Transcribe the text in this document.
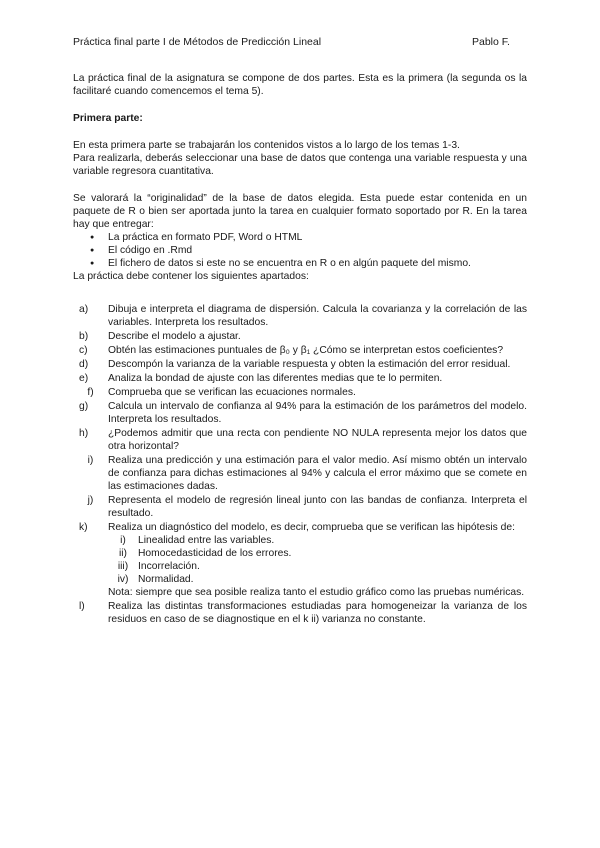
Práctica final parte I de Métodos de Predicción Lineal	Pablo F.

La práctica final de la asignatura se compone de dos partes. Esta es la primera (la segunda os la facilitaré cuando comencemos el tema 5).

Primera parte:

En esta primera parte se trabajarán los contenidos vistos a lo largo de los temas 1-3.

Para realizarla, deberás seleccionar una base de datos que contenga una variable respuesta y una variable regresora cuantitativa.

Se valorará la “originalidad” de la base de datos elegida. Esta puede estar contenida en un paquete de R o bien ser aportada junto la tarea en cualquier formato soportado por R. En la tarea hay que entregar:

● La práctica en formato PDF, Word o HTML
● El código en .Rmd
● El fichero de datos si este no se encuentra en R o en algún paquete del mismo.

La práctica debe contener los siguientes apartados:

a)	Dibuja e interpreta el diagrama de dispersión. Calcula la covarianza y la correlación de las variables. Interpreta los resultados.
b)	Describe el modelo a ajustar.
c)	Obtén las estimaciones puntuales de β₀ y β₁ ¿Cómo se interpretan estos coeficientes?
d)	Descompón la varianza de la variable respuesta y obten la estimación del error residual.
e)	Analiza la bondad de ajuste con las diferentes medias que te lo permiten.
f)	Comprueba que se verifican las ecuaciones normales.
g)	Calcula un intervalo de confianza al 94% para la estimación de los parámetros del modelo. Interpreta los resultados.
h)	¿Podemos admitir que una recta con pendiente NO NULA representa mejor los datos que otra horizontal?
i)	Realiza una predicción y una estimación para el valor medio. Así mismo obtén un intervalo de confianza para dichas estimaciones al 94% y calcula el error máximo que se comete en las estimaciones dadas.
j)	Representa el modelo de regresión lineal junto con las bandas de confianza. Interpreta el resultado.
k)	Realiza un diagnóstico del modelo, es decir, comprueba que se verifican las hipótesis de:
i)	Linealidad entre las variables.
ii)	Homocedasticidad de los errores.
iii) Incorrelación.
iv) Normalidad.
Nota: siempre que sea posible realiza tanto el estudio gráfico como las pruebas numéricas.
l)	Realiza las distintas transformaciones estudiadas para homogeneizar la varianza de los residuos en caso de se diagnostique en el k ii) varianza no constante.
